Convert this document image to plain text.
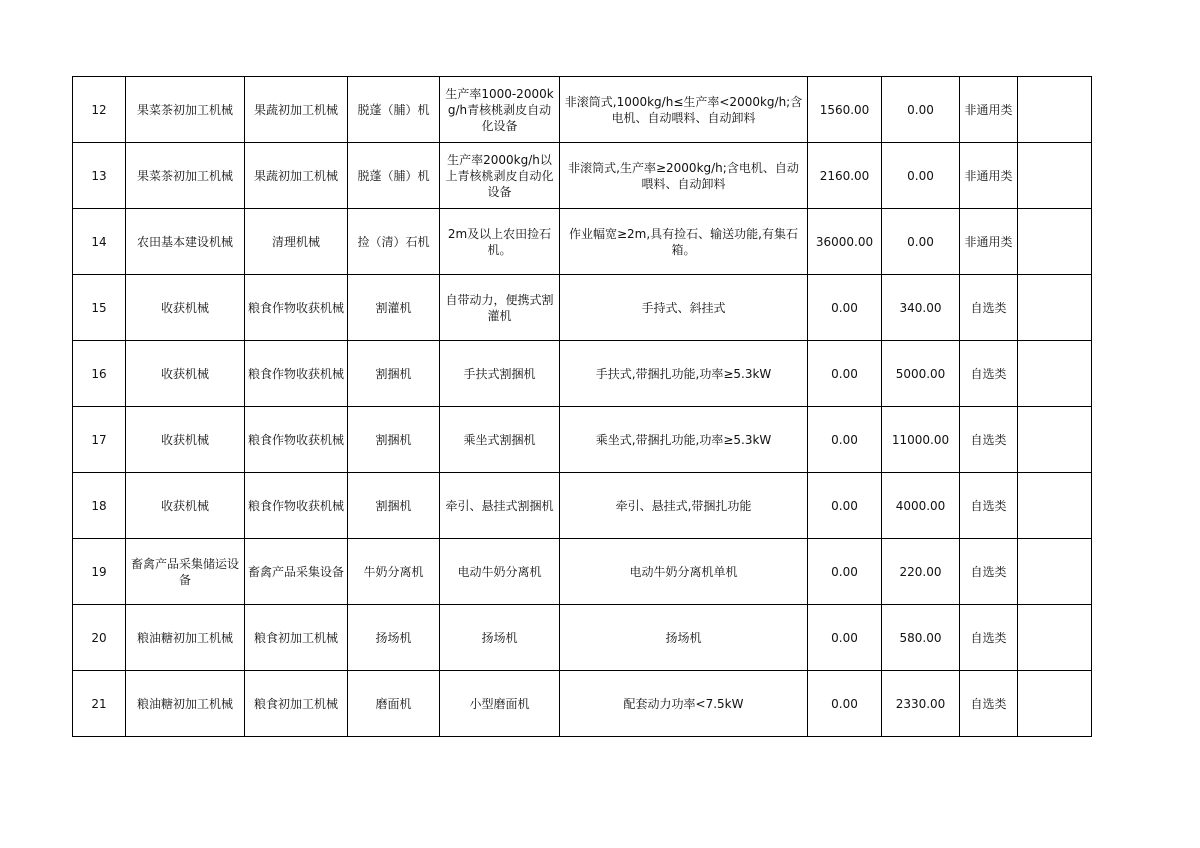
12	果菜茶初加工机械	果蔬初加工机械	脱蓬（脯）机	生产率1000-2000kg/h青核桃剥皮自动化设备	非滚筒式,1000kg/h≤生产率<2000kg/h;含电机、自动喂料、自动卸料	1560.00	0.00	非通用类	
13	果菜茶初加工机械	果蔬初加工机械	脱蓬（脯）机	生产率2000kg/h以上青核桃剥皮自动化设备	非滚筒式,生产率≥2000kg/h;含电机、自动喂料、自动卸料	2160.00	0.00	非通用类	
14	农田基本建设机械	清理机械	捡（清）石机	2m及以上农田捡石机。	作业幅宽≥2m,具有捡石、输送功能,有集石箱。	36000.00	0.00	非通用类	
15	收获机械	粮食作物收获机械	割灌机	自带动力，便携式割灌机	手持式、斜挂式	0.00	340.00	自选类	
16	收获机械	粮食作物收获机械	割捆机	手扶式割捆机	手扶式,带捆扎功能,功率≥5.3kW	0.00	5000.00	自选类	
17	收获机械	粮食作物收获机械	割捆机	乘坐式割捆机	乘坐式,带捆扎功能,功率≥5.3kW	0.00	11000.00	自选类	
18	收获机械	粮食作物收获机械	割捆机	牵引、悬挂式割捆机	牵引、悬挂式,带捆扎功能	0.00	4000.00	自选类	
19	畜禽产品采集储运设备	畜禽产品采集设备	牛奶分离机	电动牛奶分离机	电动牛奶分离机单机	0.00	220.00	自选类	
20	粮油糖初加工机械	粮食初加工机械	扬场机	扬场机	扬场机	0.00	580.00	自选类	
21	粮油糖初加工机械	粮食初加工机械	磨面机	小型磨面机	配套动力功率<7.5kW	0.00	2330.00	自选类	
